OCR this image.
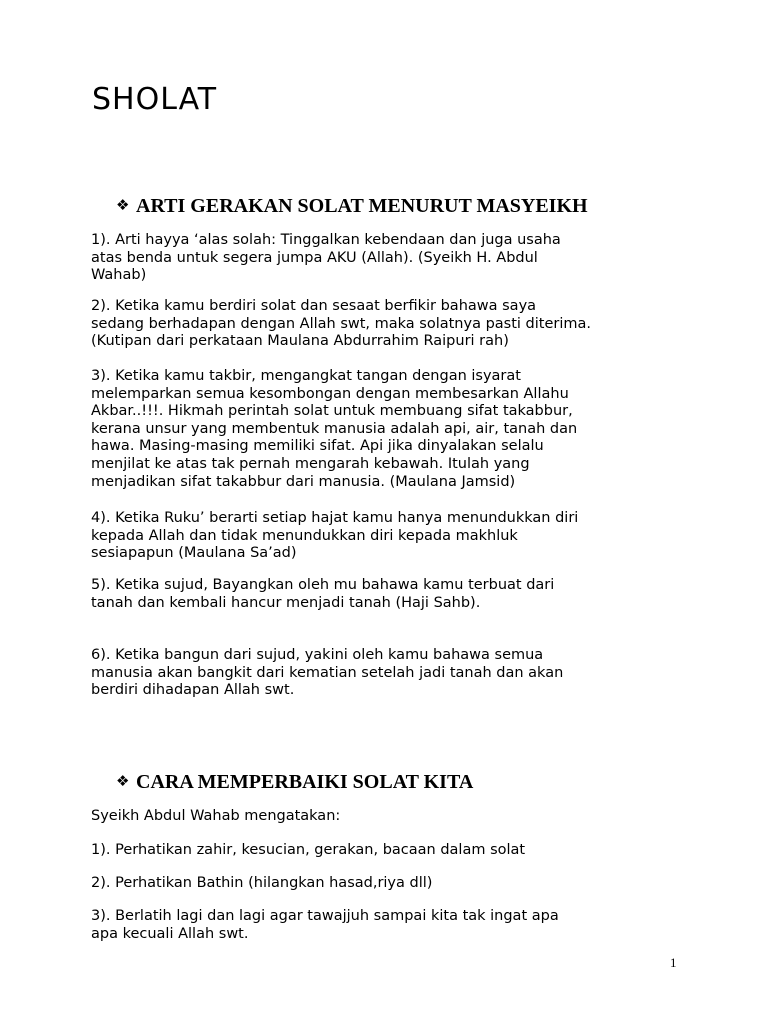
SHOLAT
❖ ARTI GERAKAN SOLAT MENURUT MASYEIKH
1). Arti hayya ‘alas solah: Tinggalkan kebendaan dan juga usaha
atas benda untuk segera jumpa AKU (Allah). (Syeikh H. Abdul
Wahab)
2). Ketika kamu berdiri solat dan sesaat berfikir bahawa saya
sedang berhadapan dengan Allah swt, maka solatnya pasti diterima.
(Kutipan dari perkataan Maulana Abdurrahim Raipuri rah)
3). Ketika kamu takbir, mengangkat tangan dengan isyarat
melemparkan semua kesombongan dengan membesarkan Allahu
Akbar..!!!. Hikmah perintah solat untuk membuang sifat takabbur,
kerana unsur yang membentuk manusia adalah api, air, tanah dan
hawa. Masing-masing memiliki sifat. Api jika dinyalakan selalu
menjilat ke atas tak pernah mengarah kebawah. Itulah yang
menjadikan sifat takabbur dari manusia. (Maulana Jamsid)
4). Ketika Ruku’ berarti setiap hajat kamu hanya menundukkan diri
kepada Allah dan tidak menundukkan diri kepada makhluk
sesiapapun (Maulana Sa’ad)
5). Ketika sujud, Bayangkan oleh mu bahawa kamu terbuat dari
tanah dan kembali hancur menjadi tanah (Haji Sahb).
6). Ketika bangun dari sujud, yakini oleh kamu bahawa semua
manusia akan bangkit dari kematian setelah jadi tanah dan akan
berdiri dihadapan Allah swt.
❖ CARA MEMPERBAIKI SOLAT KITA
Syeikh Abdul Wahab mengatakan:
1). Perhatikan zahir, kesucian, gerakan, bacaan dalam solat
2). Perhatikan Bathin (hilangkan hasad,riya dll)
3). Berlatih lagi dan lagi agar tawajjuh sampai kita tak ingat apa
apa kecuali Allah swt.
1
